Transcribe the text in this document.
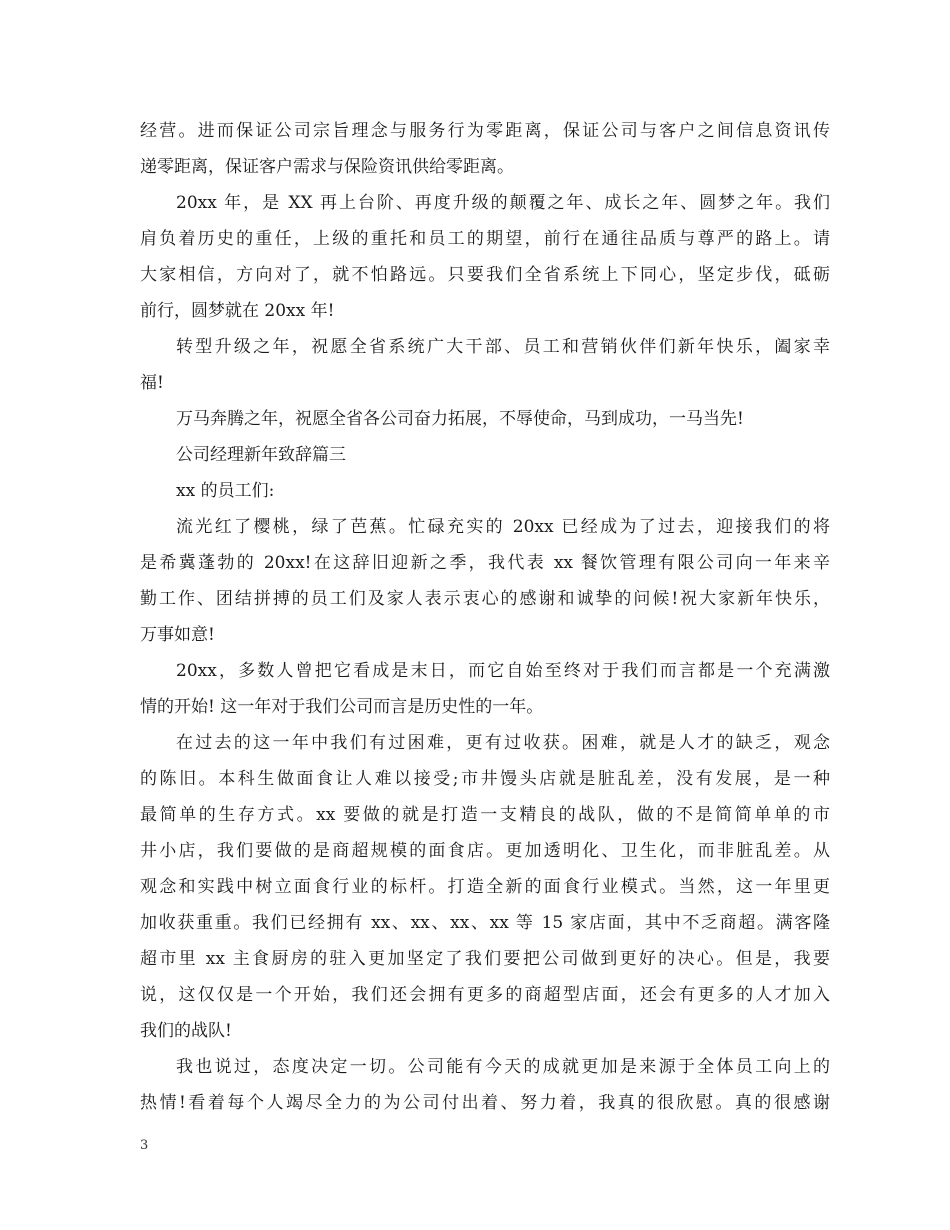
经营。进而保证公司宗旨理念与服务行为零距离，保证公司与客户之间信息资讯传
递零距离，保证客户需求与保险资讯供给零距离。
20xx 年，是 XX 再上台阶、再度升级的颠覆之年、成长之年、圆梦之年。我们
肩负着历史的重任，上级的重托和员工的期望，前行在通往品质与尊严的路上。请
大家相信，方向对了，就不怕路远。只要我们全省系统上下同心，坚定步伐，砥砺
前行，圆梦就在 20xx 年!
转型升级之年，祝愿全省系统广大干部、员工和营销伙伴们新年快乐，阖家幸
福!
万马奔腾之年，祝愿全省各公司奋力拓展，不辱使命，马到成功，一马当先!
公司经理新年致辞篇三
xx 的员工们:
流光红了樱桃，绿了芭蕉。忙碌充实的 20xx 已经成为了过去，迎接我们的将
是希冀蓬勃的 20xx!在这辞旧迎新之季，我代表 xx 餐饮管理有限公司向一年来辛
勤工作、团结拼搏的员工们及家人表示衷心的感谢和诚挚的问候!祝大家新年快乐，
万事如意!
20xx，多数人曾把它看成是末日，而它自始至终对于我们而言都是一个充满激
情的开始! 这一年对于我们公司而言是历史性的一年。
在过去的这一年中我们有过困难，更有过收获。困难，就是人才的缺乏，观念
的陈旧。本科生做面食让人难以接受;市井馒头店就是脏乱差，没有发展，是一种
最简单的生存方式。xx 要做的就是打造一支精良的战队，做的不是简简单单的市
井小店，我们要做的是商超规模的面食店。更加透明化、卫生化，而非脏乱差。从
观念和实践中树立面食行业的标杆。打造全新的面食行业模式。当然，这一年里更
加收获重重。我们已经拥有 xx、xx、xx、xx 等 15 家店面，其中不乏商超。满客隆
超市里 xx 主食厨房的驻入更加坚定了我们要把公司做到更好的决心。但是，我要
说，这仅仅是一个开始，我们还会拥有更多的商超型店面，还会有更多的人才加入
我们的战队!
我也说过，态度决定一切。公司能有今天的成就更加是来源于全体员工向上的
热情!看着每个人竭尽全力的为公司付出着、努力着，我真的很欣慰。真的很感谢
3
